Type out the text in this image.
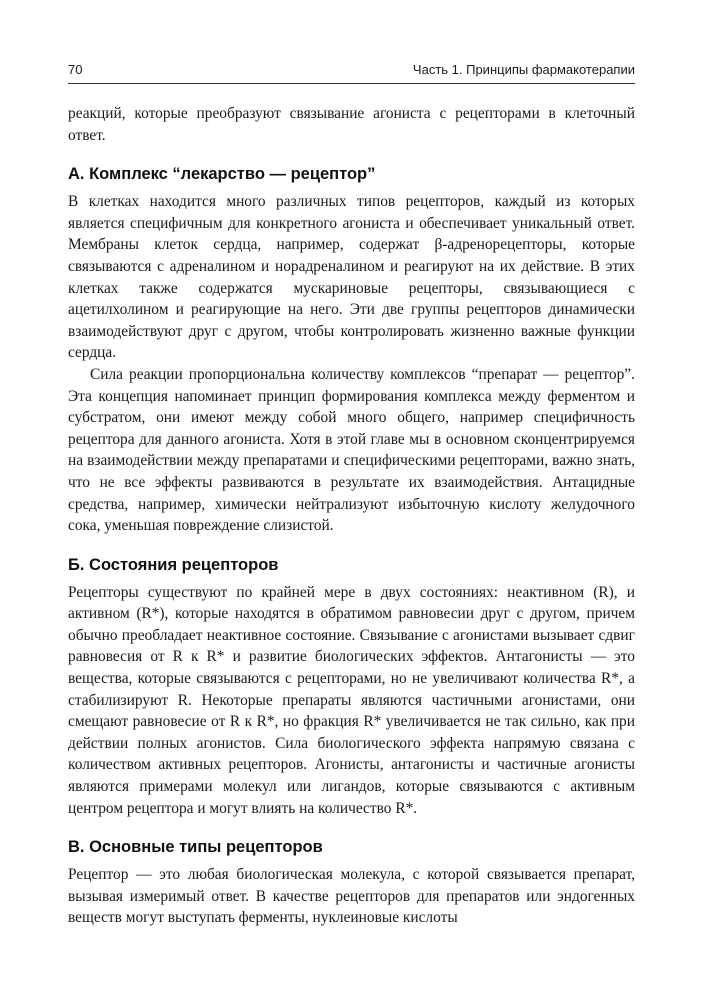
70	Часть 1. Принципы фармакотерапии

реакций, которые преобразуют связывание агониста с рецепторами в клеточный ответ.

А. Комплекс “лекарство — рецептор”

В клетках находится много различных типов рецепторов, каждый из которых является специфичным для конкретного агониста и обеспечивает уникальный ответ. Мембраны клеток сердца, например, содержат β-адренорецепторы, которые связываются с адреналином и норадреналином и реагируют на их действие. В этих клетках также содержатся мускариновые рецепторы, связывающиеся с ацетилхолином и реагирующие на него. Эти две группы рецепторов динамически взаимодействуют друг с другом, чтобы контролировать жизненно важные функции сердца.

Сила реакции пропорциональна количеству комплексов “препарат — рецептор”. Эта концепция напоминает принцип формирования комплекса между ферментом и субстратом, они имеют между собой много общего, например специфичность рецептора для данного агониста. Хотя в этой главе мы в основном сконцентрируемся на взаимодействии между препаратами и специфическими рецепторами, важно знать, что не все эффекты развиваются в результате их взаимодействия. Антацидные средства, например, химически нейтрализуют избыточную кислоту желудочного сока, уменьшая повреждение слизистой.

Б. Состояния рецепторов

Рецепторы существуют по крайней мере в двух состояниях: неактивном (R), и активном (R*), которые находятся в обратимом равновесии друг с другом, причем обычно преобладает неактивное состояние. Связывание с агонистами вызывает сдвиг равновесия от R к R* и развитие биологических эффектов. Антагонисты — это вещества, которые связываются с рецепторами, но не увеличивают количества R*, а стабилизируют R. Некоторые препараты являются частичными агонистами, они смещают равновесие от R к R*, но фракция R* увеличивается не так сильно, как при действии полных агонистов. Сила биологического эффекта напрямую связана с количеством активных рецепторов. Агонисты, антагонисты и частичные агонисты являются примерами молекул или лигандов, которые связываются с активным центром рецептора и могут влиять на количество R*.

В. Основные типы рецепторов

Рецептор — это любая биологическая молекула, с которой связывается препарат, вызывая измеримый ответ. В качестве рецепторов для препаратов или эндогенных веществ могут выступать ферменты, нуклеиновые кислоты
